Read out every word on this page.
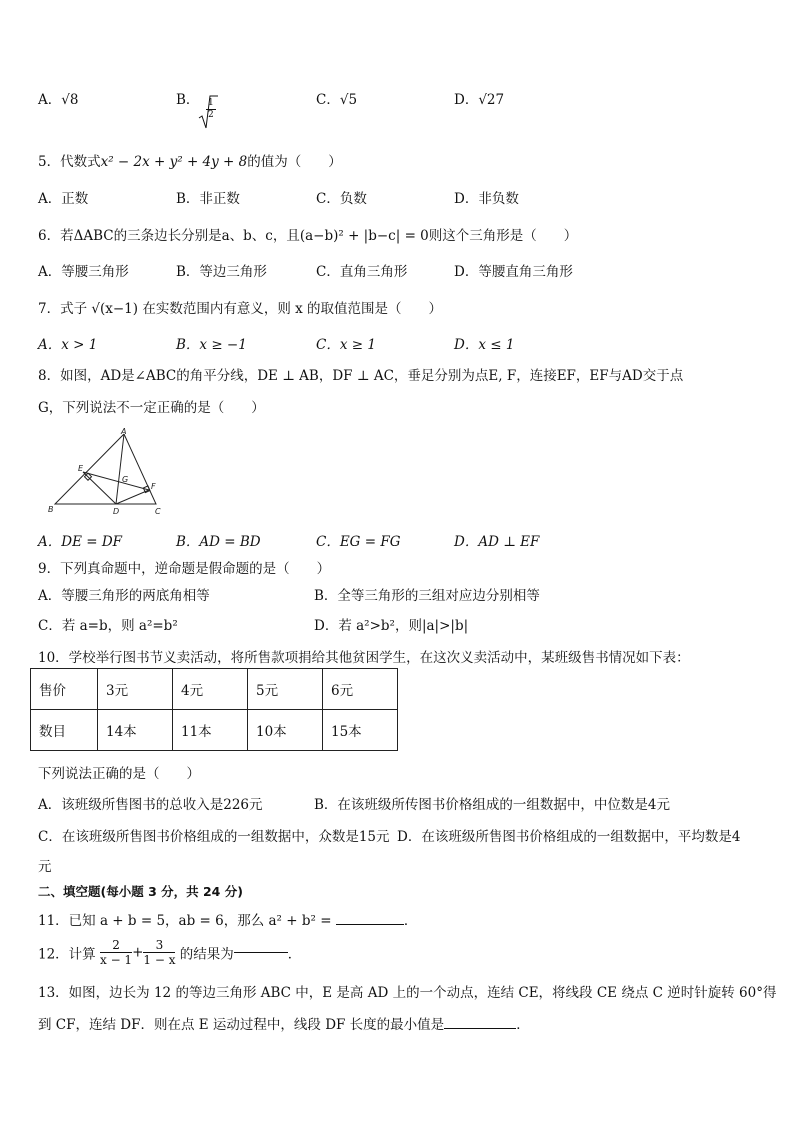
A．√8	B． $\frac{1}{2}$	C．√5	D．√27
5．代数式x² − 2x + y² + 4y + 8的值为（　　）
A．正数	B．非正数	C．负数	D．非负数
6．若ΔABC的三条边长分别是a、b、c，且(a−b)² + |b−c| = 0则这个三角形是（　　）
A．等腰三角形	B．等边三角形	C．直角三角形	D．等腰直角三角形
7．式子 √(x−1) 在实数范围内有意义，则 x 的取值范围是（　　）
A．x > 1	B．x ≥ −1	C．x ≥ 1	D．x ≤ 1
8．如图，AD是∠ABC的角平分线，DE ⊥ AB，DF ⊥ AC，垂足分别为点E, F，连接EF，EF与AD交于点
G，下列说法不一定正确的是（　　）
A
B	C
D
E
F
G
A．DE = DF	B．AD = BD	C．EG = FG	D．AD ⊥ EF
9．下列真命题中，逆命题是假命题的是（　　）
A．等腰三角形的两底角相等	B．全等三角形的三组对应边分别相等
C．若 a=b，则 a²=b²	D．若 a²>b²，则|a|>|b|
10．学校举行图书节义卖活动，将所售款项捐给其他贫困学生，在这次义卖活动中，某班级售书情况如下表：
售价	3元	4元	5元	6元
数目	14本	11本	10本	15本
下列说法正确的是（　　）
A．该班级所售图书的总收入是226元	B．在该班级所传图书价格组成的一组数据中，中位数是4元
C．在该班级所售图书价格组成的一组数据中，众数是15元 D．在该班级所售图书价格组成的一组数据中，平均数是4
元
二、填空题(每小题 3 分，共 24 分)
11．已知 a + b = 5，ab = 6，那么 a² + b² =	．
12．计算 $\frac{2}{x - 1} + \frac{3}{1 - x}$ 的结果为	．
13．如图，边长为 12 的等边三角形 ABC 中，E 是高 AD 上的一个动点，连结 CE，将线段 CE 绕点 C 逆时针旋转 60°得
到 CF，连结 DF．则在点 E 运动过程中，线段 DF 长度的最小值是	．
